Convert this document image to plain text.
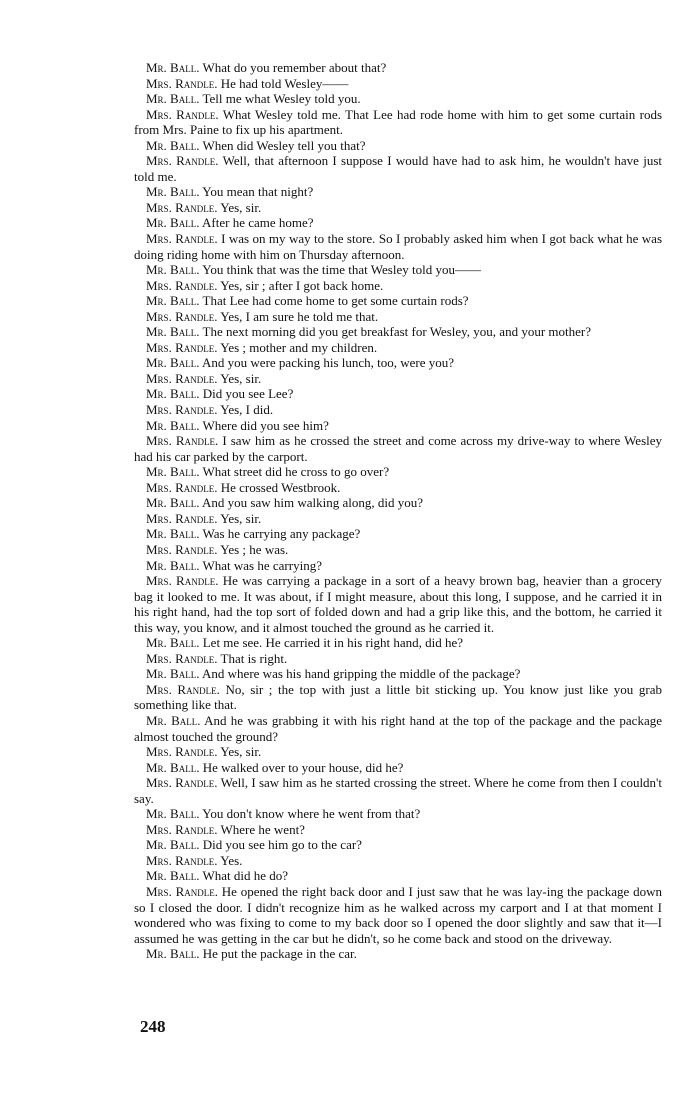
Mr. Ball. What do you remember about that?

Mrs. Randle. He had told Wesley——

Mr. Ball. Tell me what Wesley told you.

Mrs. Randle. What Wesley told me. That Lee had rode home with him to get some curtain rods from Mrs. Paine to fix up his apartment.

Mr. Ball. When did Wesley tell you that?

Mrs. Randle. Well, that afternoon I suppose I would have had to ask him, he wouldn't have just told me.

Mr. Ball. You mean that night?

Mrs. Randle. Yes, sir.

Mr. Ball. After he came home?

Mrs. Randle. I was on my way to the store. So I probably asked him when I got back what he was doing riding home with him on Thursday afternoon.

Mr. Ball. You think that was the time that Wesley told you——

Mrs. Randle. Yes, sir ; after I got back home.

Mr. Ball. That Lee had come home to get some curtain rods?

Mrs. Randle. Yes, I am sure he told me that.

Mr. Ball. The next morning did you get breakfast for Wesley, you, and your mother?

Mrs. Randle. Yes ; mother and my children.

Mr. Ball. And you were packing his lunch, too, were you?

Mrs. Randle. Yes, sir.

Mr. Ball. Did you see Lee?

Mrs. Randle. Yes, I did.

Mr. Ball. Where did you see him?

Mrs. Randle. I saw him as he crossed the street and come across my drive-way to where Wesley had his car parked by the carport.

Mr. Ball. What street did he cross to go over?

Mrs. Randle. He crossed Westbrook.

Mr. Ball. And you saw him walking along, did you?

Mrs. Randle. Yes, sir.

Mr. Ball. Was he carrying any package?

Mrs. Randle. Yes ; he was.

Mr. Ball. What was he carrying?

Mrs. Randle. He was carrying a package in a sort of a heavy brown bag, heavier than a grocery bag it looked to me. It was about, if I might measure, about this long, I suppose, and he carried it in his right hand, had the top sort of folded down and had a grip like this, and the bottom, he carried it this way, you know, and it almost touched the ground as he carried it.

Mr. Ball. Let me see. He carried it in his right hand, did he?

Mrs. Randle. That is right.

Mr. Ball. And where was his hand gripping the middle of the package?

Mrs. Randle. No, sir ; the top with just a little bit sticking up. You know just like you grab something like that.

Mr. Ball. And he was grabbing it with his right hand at the top of the package and the package almost touched the ground?

Mrs. Randle. Yes, sir.

Mr. Ball. He walked over to your house, did he?

Mrs. Randle. Well, I saw him as he started crossing the street. Where he come from then I couldn't say.

Mr. Ball. You don't know where he went from that?

Mrs. Randle. Where he went?

Mr. Ball. Did you see him go to the car?

Mrs. Randle. Yes.

Mr. Ball. What did he do?

Mrs. Randle. He opened the right back door and I just saw that he was lay-ing the package down so I closed the door. I didn't recognize him as he walked across my carport and I at that moment I wondered who was fixing to come to my back door so I opened the door slightly and saw that it—I assumed he was getting in the car but he didn't, so he come back and stood on the driveway.

Mr. Ball. He put the package in the car.

248
